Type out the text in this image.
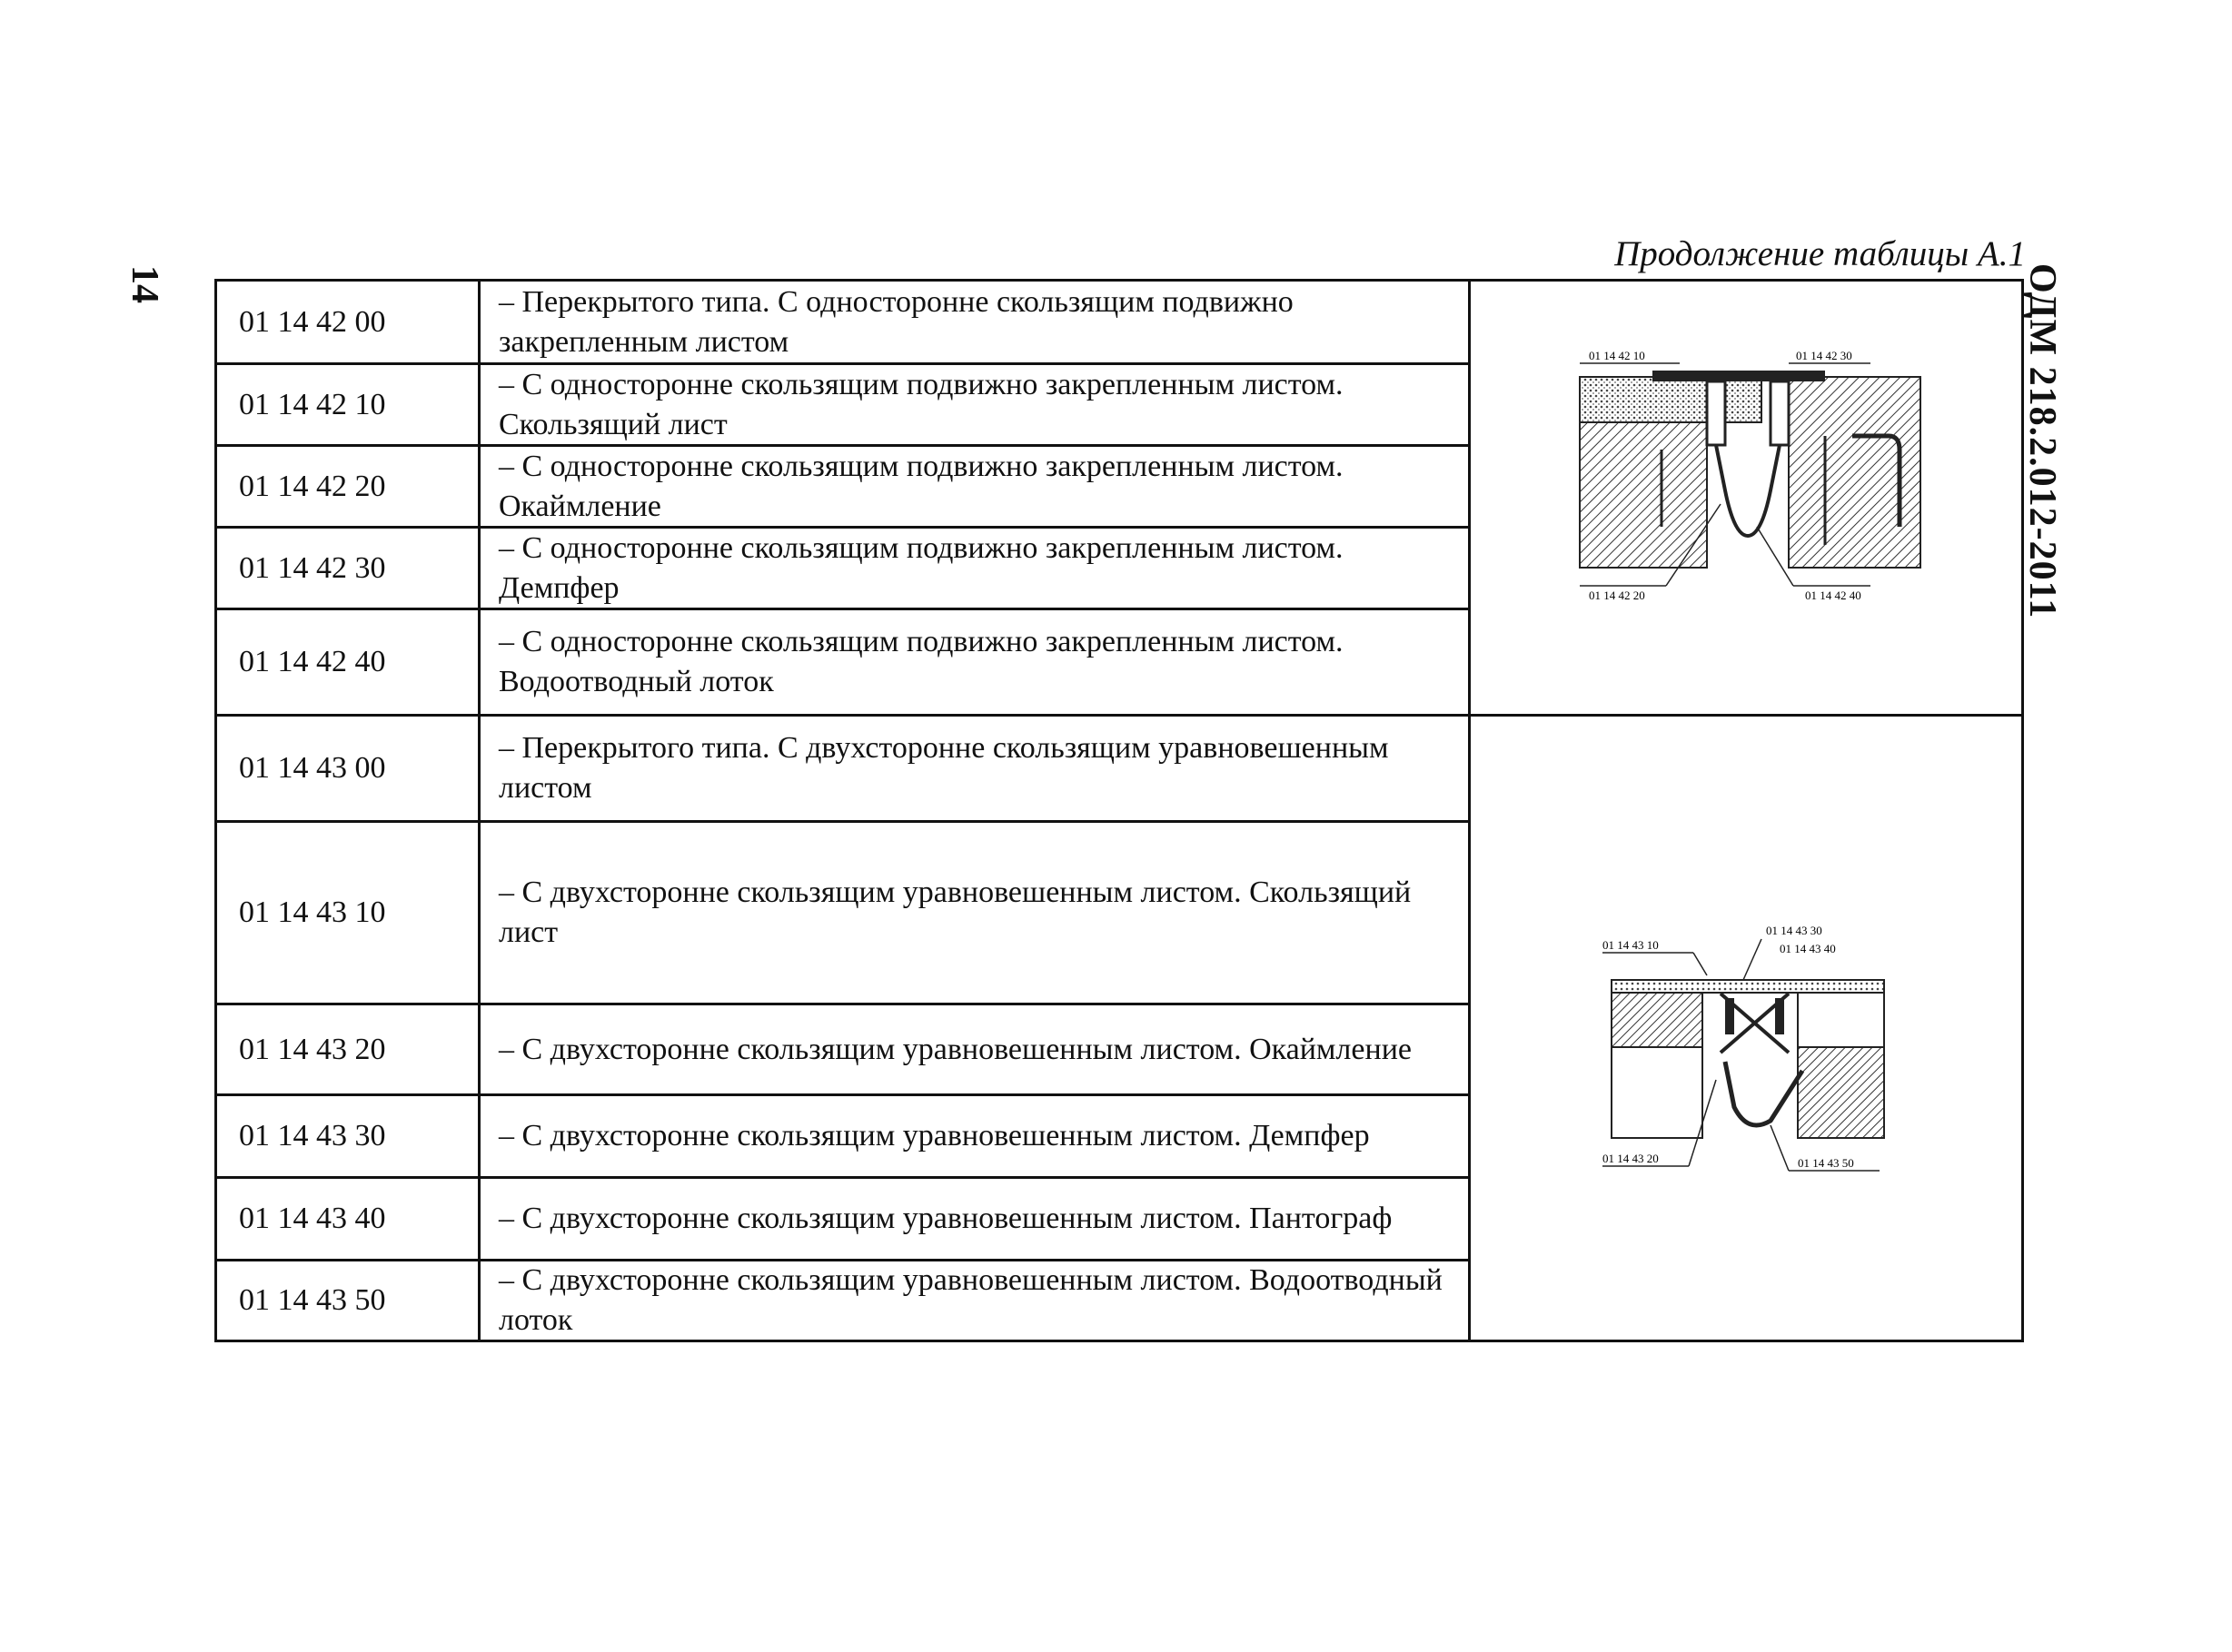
Продолжение таблицы А.1
14	ОДМ 218.2.012-2011
01 14 42 00
– Перекрытого типа. С односторонне скользящим подвижно закрепленным листом
01 14 42 10
– С односторонне скользящим подвижно закрепленным листом. Скользящий лист
01 14 42 20
– С односторонне скользящим подвижно закрепленным листом. Окаймление
01 14 42 30
– С односторонне скользящим подвижно закрепленным листом. Демпфер
01 14 42 40
– С односторонне скользящим подвижно закрепленным листом. Водоотводный лоток
01 14 43 00
– Перекрытого типа. С двухсторонне скользящим уравновешенным листом
01 14 43 10
– С двухсторонне скользящим уравновешенным листом. Скользящий лист
01 14 43 20	– С двухсторонне скользящим уравновешенным листом. Окаймление
01 14 43 30	– С двухсторонне скользящим уравновешенным листом. Демпфер
01 14 43 40	– С двухсторонне скользящим уравновешенным листом. Пантограф
01 14 43 50
– С двухсторонне скользящим уравновешенным листом. Водоотводный лоток
01 14 42 10	01 14 42 30
01 14 42 20	01 14 42 40
01 14 43 10
01 14 43 30
01 14 43 40
01 14 43 20	01 14 43 50
